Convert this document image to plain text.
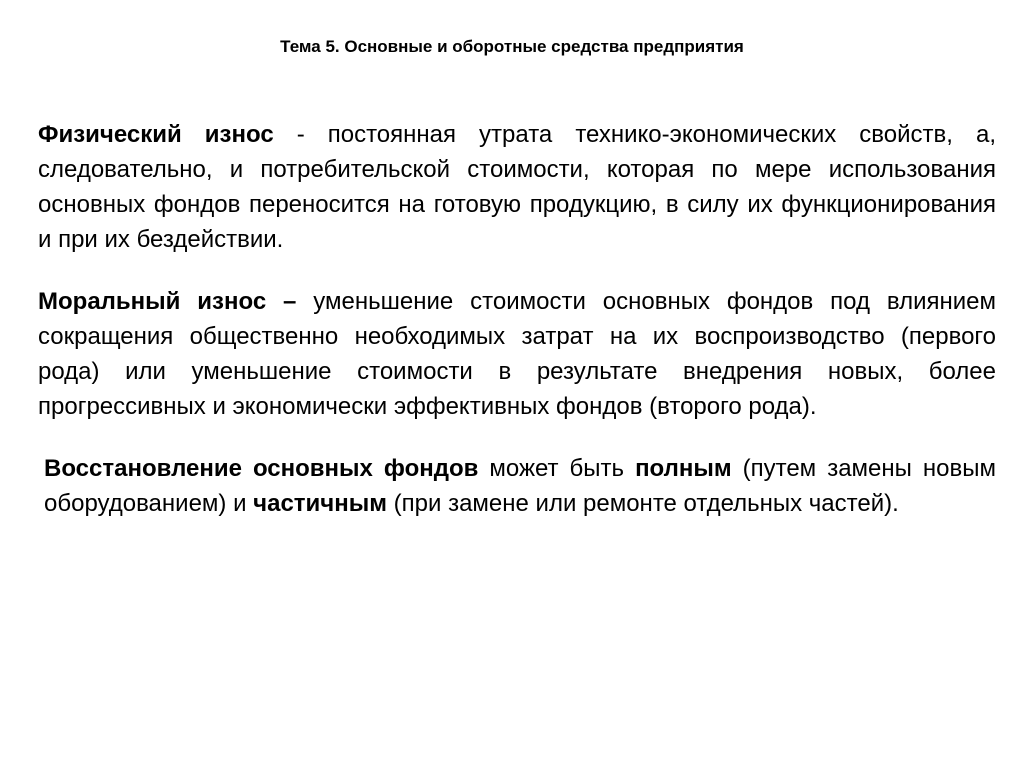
Тема 5. Основные и оборотные средства предприятия

Физический износ - постоянная утрата технико-экономических свойств, а, следовательно, и потребительской стоимости, которая по мере использования основных фондов переносится на готовую продукцию, в силу их функционирования и при их бездействии.

Моральный износ – уменьшение стоимости основных фондов под влиянием сокращения общественно необходимых затрат на их воспроизводство (первого рода) или уменьшение стоимости в результате внедрения новых, более прогрессивных и экономически эффективных фондов (второго рода).

Восстановление основных фондов может быть полным (путем замены новым оборудованием) и частичным (при замене или ремонте отдельных частей).
